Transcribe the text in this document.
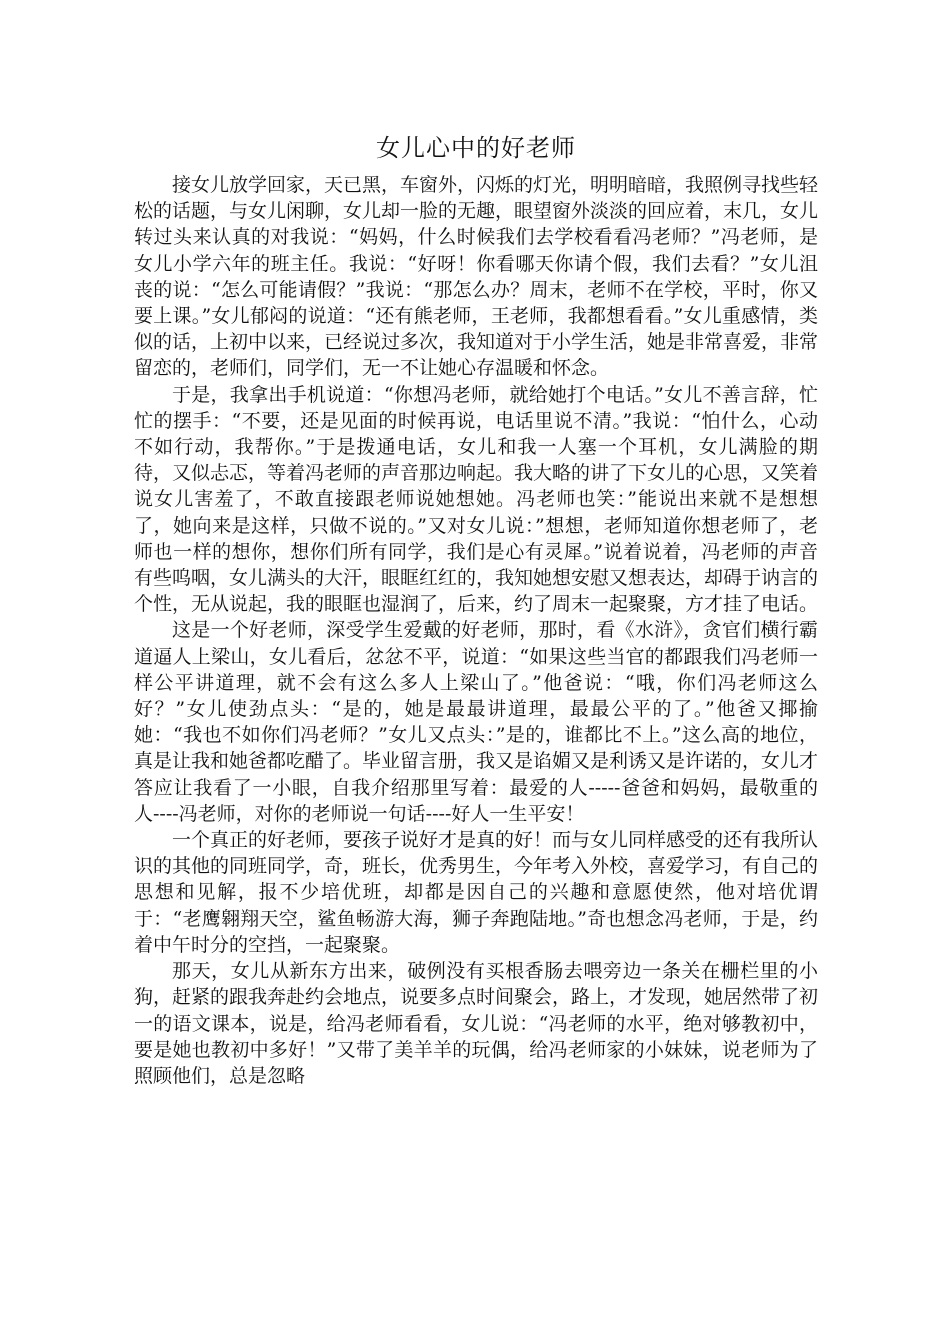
女儿心中的好老师

接女儿放学回家，天已黑，车窗外，闪烁的灯光，明明暗暗，我照例寻找些轻松的话题，与女儿闲聊，女儿却一脸的无趣，眼望窗外淡淡的回应着，末几，女儿转过头来认真的对我说：“妈妈，什么时候我们去学校看看冯老师？”冯老师，是女儿小学六年的班主任。我说：“好呀！你看哪天你请个假，我们去看？”女儿沮丧的说：“怎么可能请假？”我说：“那怎么办？周末，老师不在学校，平时，你又要上课。”女儿郁闷的说道：“还有熊老师，王老师，我都想看看。”女儿重感情，类似的话，上初中以来，已经说过多次，我知道对于小学生活，她是非常喜爱，非常留恋的，老师们，同学们，无一不让她心存温暖和怀念。

于是，我拿出手机说道：“你想冯老师，就给她打个电话。”女儿不善言辞，忙忙的摆手：“不要，还是见面的时候再说，电话里说不清。”我说：“怕什么，心动不如行动，我帮你。”于是拨通电话，女儿和我一人塞一个耳机，女儿满脸的期待，又似忐忑，等着冯老师的声音那边响起。我大略的讲了下女儿的心思，又笑着说女儿害羞了，不敢直接跟老师说她想她。冯老师也笑：”能说出来就不是想想了，她向来是这样，只做不说的。”又对女儿说：”想想，老师知道你想老师了，老师也一样的想你，想你们所有同学，我们是心有灵犀。”说着说着，冯老师的声音有些呜咽，女儿满头的大汗，眼眶红红的，我知她想安慰又想表达，却碍于讷言的个性，无从说起，我的眼眶也湿润了，后来，约了周末一起聚聚，方才挂了电话。

这是一个好老师，深受学生爱戴的好老师，那时，看《水浒》，贪官们横行霸道逼人上梁山，女儿看后，忿忿不平，说道：“如果这些当官的都跟我们冯老师一样公平讲道理，就不会有这么多人上梁山了。”他爸说：“哦，你们冯老师这么好？”女儿使劲点头：“是的，她是最最讲道理，最最公平的了。”他爸又揶揄她：“我也不如你们冯老师？”女儿又点头：”是的，谁都比不上。”这么高的地位，真是让我和她爸都吃醋了。毕业留言册，我又是谄媚又是利诱又是许诺的，女儿才答应让我看了一小眼，自我介绍那里写着：最爱的人-----爸爸和妈妈，最敬重的人----冯老师，对你的老师说一句话----好人一生平安！

一个真正的好老师，要孩子说好才是真的好！而与女儿同样感受的还有我所认识的其他的同班同学，奇，班长，优秀男生，今年考入外校，喜爱学习，有自己的思想和见解，报不少培优班，却都是因自己的兴趣和意愿使然，他对培优谓于：“老鹰翱翔天空，鲨鱼畅游大海，狮子奔跑陆地。”奇也想念冯老师，于是，约着中午时分的空挡，一起聚聚。

那天，女儿从新东方出来，破例没有买根香肠去喂旁边一条关在栅栏里的小狗，赶紧的跟我奔赴约会地点，说要多点时间聚会，路上，才发现，她居然带了初一的语文课本，说是，给冯老师看看，女儿说：“冯老师的水平，绝对够教初中，要是她也教初中多好！”又带了美羊羊的玩偶，给冯老师家的小妹妹，说老师为了照顾他们，总是忽略
